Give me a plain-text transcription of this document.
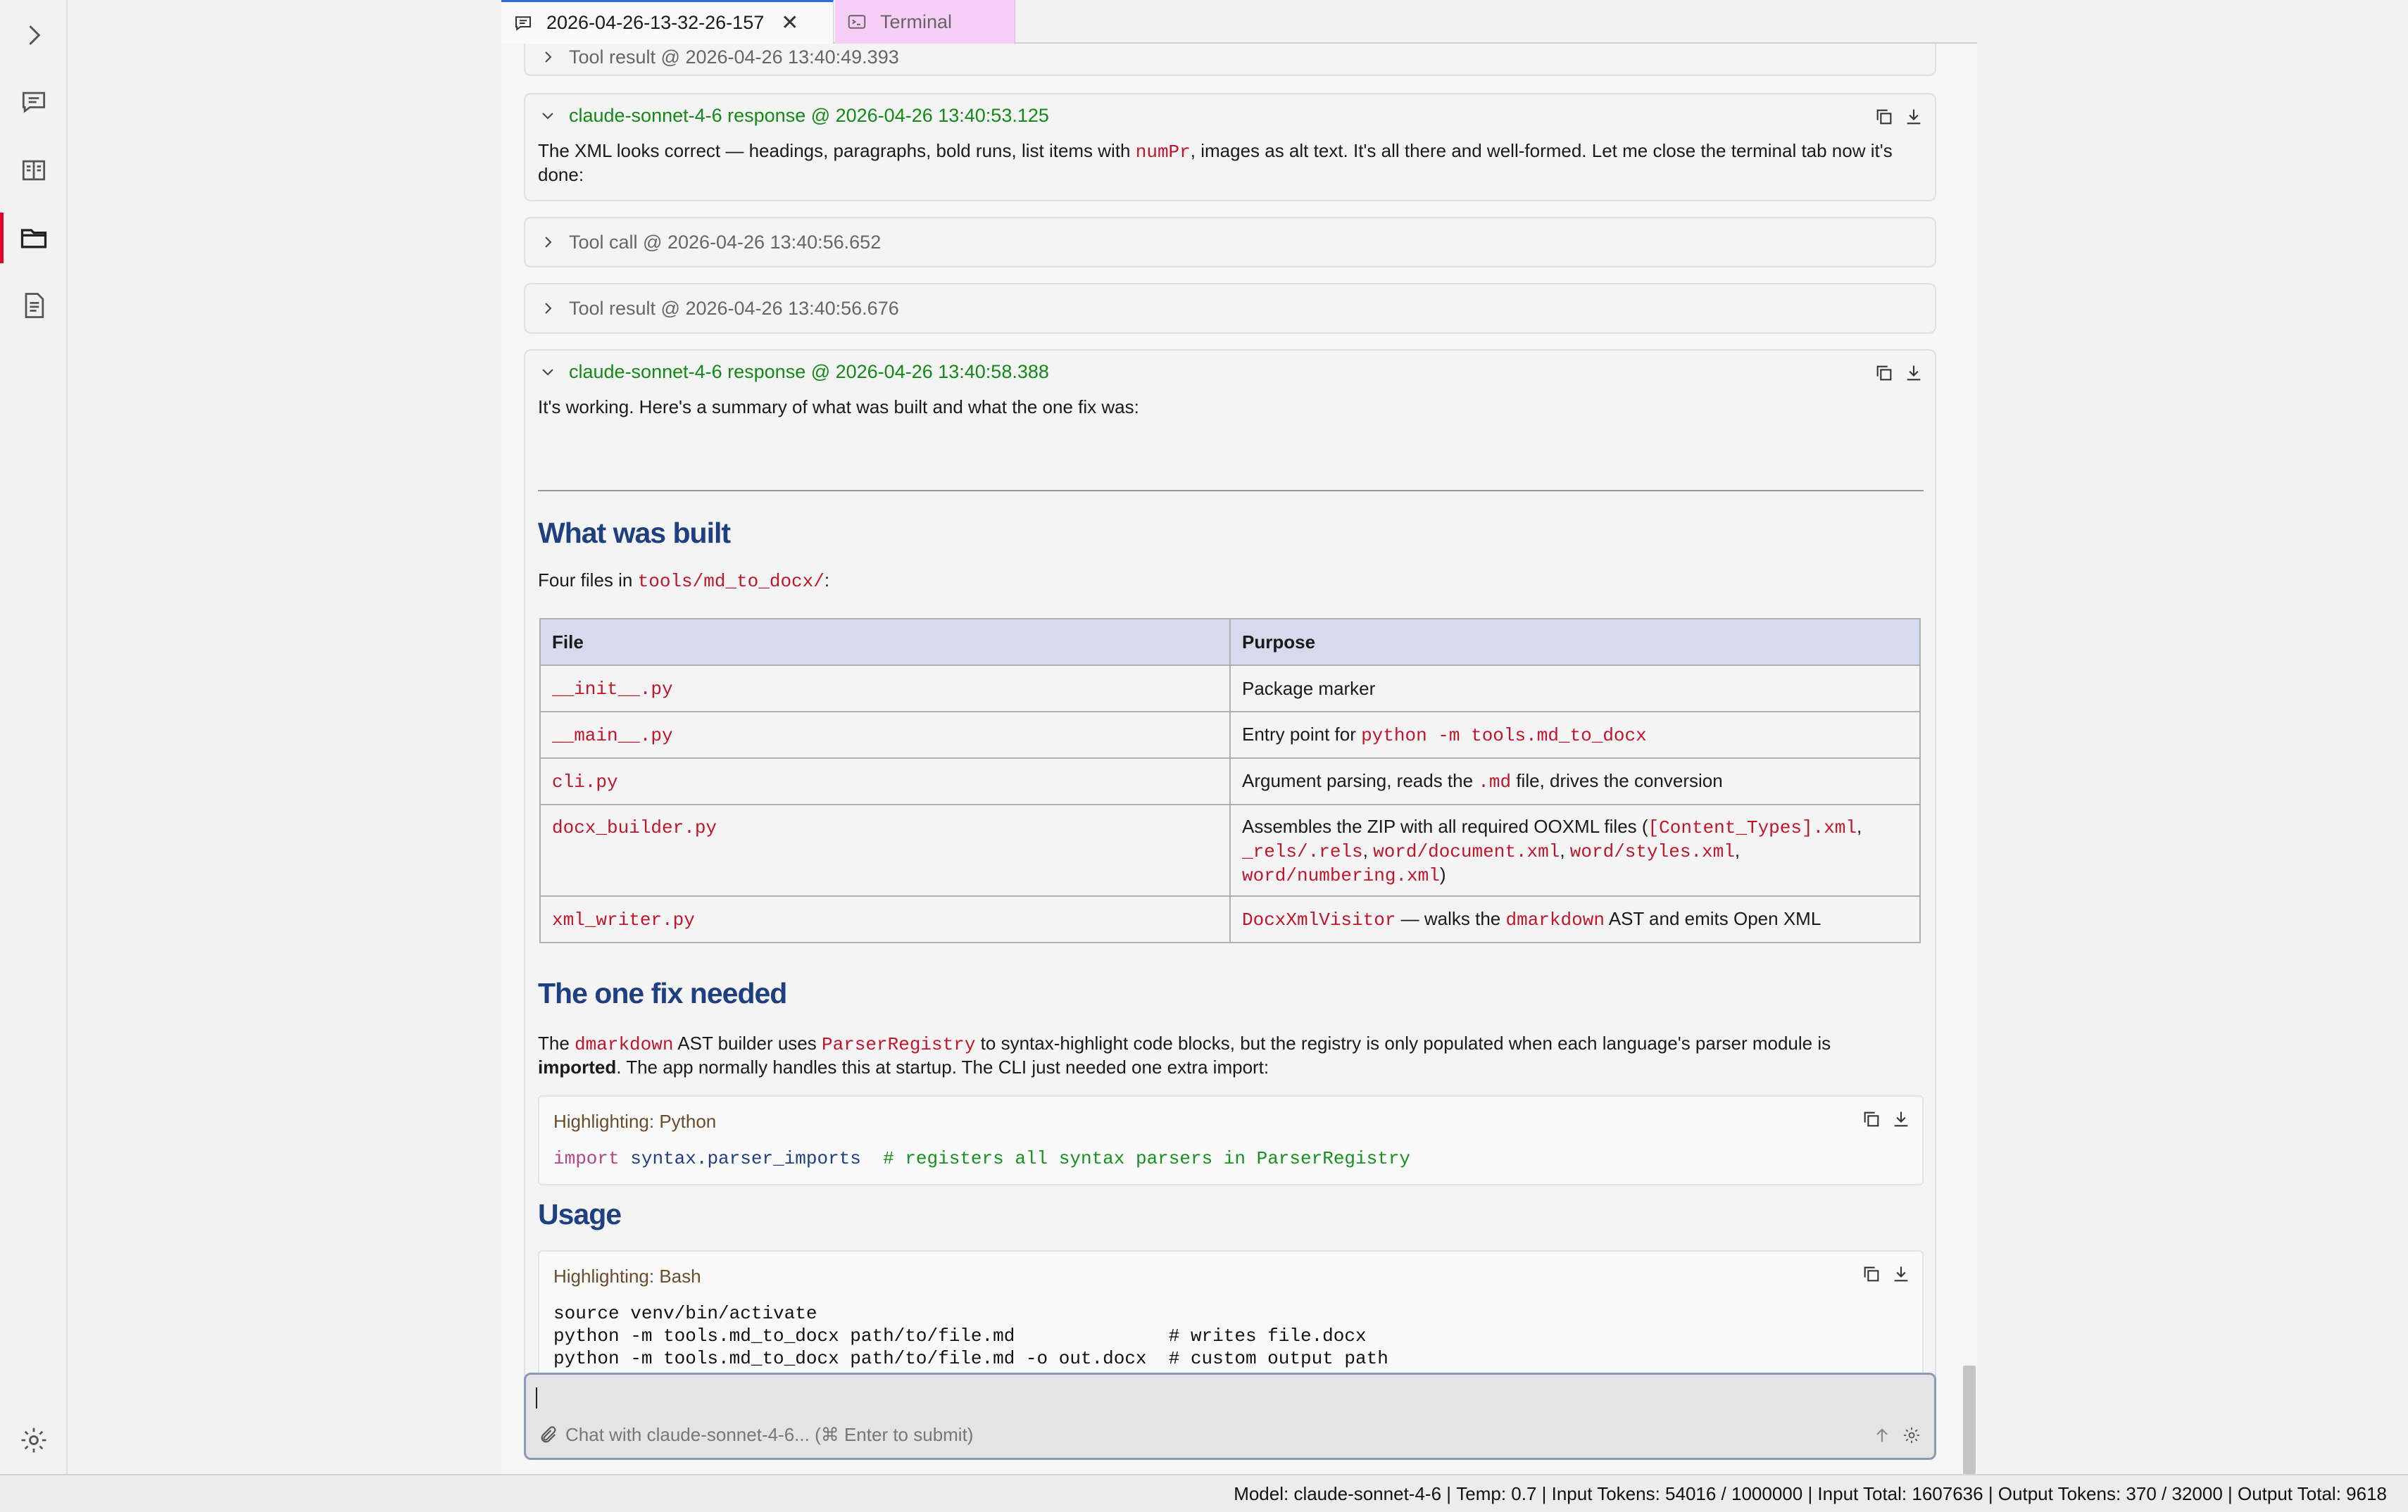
2026-04-26-13-32-26-157 ✕	Terminal
Tool result @ 2026-04-26 13:40:49.393
claude-sonnet-4-6 response @ 2026-04-26 13:40:53.125
The XML looks correct — headings, paragraphs, bold runs, list items with numPr, images as alt text. It's all there and well-formed. Let me close the terminal tab now it's done:
Tool call @ 2026-04-26 13:40:56.652
Tool result @ 2026-04-26 13:40:56.676
claude-sonnet-4-6 response @ 2026-04-26 13:40:58.388
It's working. Here's a summary of what was built and what the one fix was:
What was built
Four files in tools/md_to_docx/:
File	Purpose
__init__.py	Package marker
__main__.py	Entry point for python -m tools.md_to_docx
cli.py	Argument parsing, reads the .md file, drives the conversion
docx_builder.py	Assembles the ZIP with all required OOXML files ([Content_Types].xml, _rels/.rels, word/document.xml, word/styles.xml, word/numbering.xml)
xml_writer.py	DocxXmlVisitor — walks the dmarkdown AST and emits Open XML
The one fix needed
The dmarkdown AST builder uses ParserRegistry to syntax-highlight code blocks, but the registry is only populated when each language's parser module is imported. The app normally handles this at startup. The CLI just needed one extra import:
Highlighting: Python
import syntax.parser_imports # registers all syntax parsers in ParserRegistry
Usage
Highlighting: Bash
source venv/bin/activate
python -m tools.md_to_docx path/to/file.md              # writes file.docx
python -m tools.md_to_docx path/to/file.md -o out.docx  # custom output path
Chat with claude-sonnet-4-6... (⌘ Enter to submit)
Model: claude-sonnet-4-6 | Temp: 0.7 | Input Tokens: 54016 / 1000000 | Input Total: 1607636 | Output Tokens: 370 / 32000 | Output Total: 9618
